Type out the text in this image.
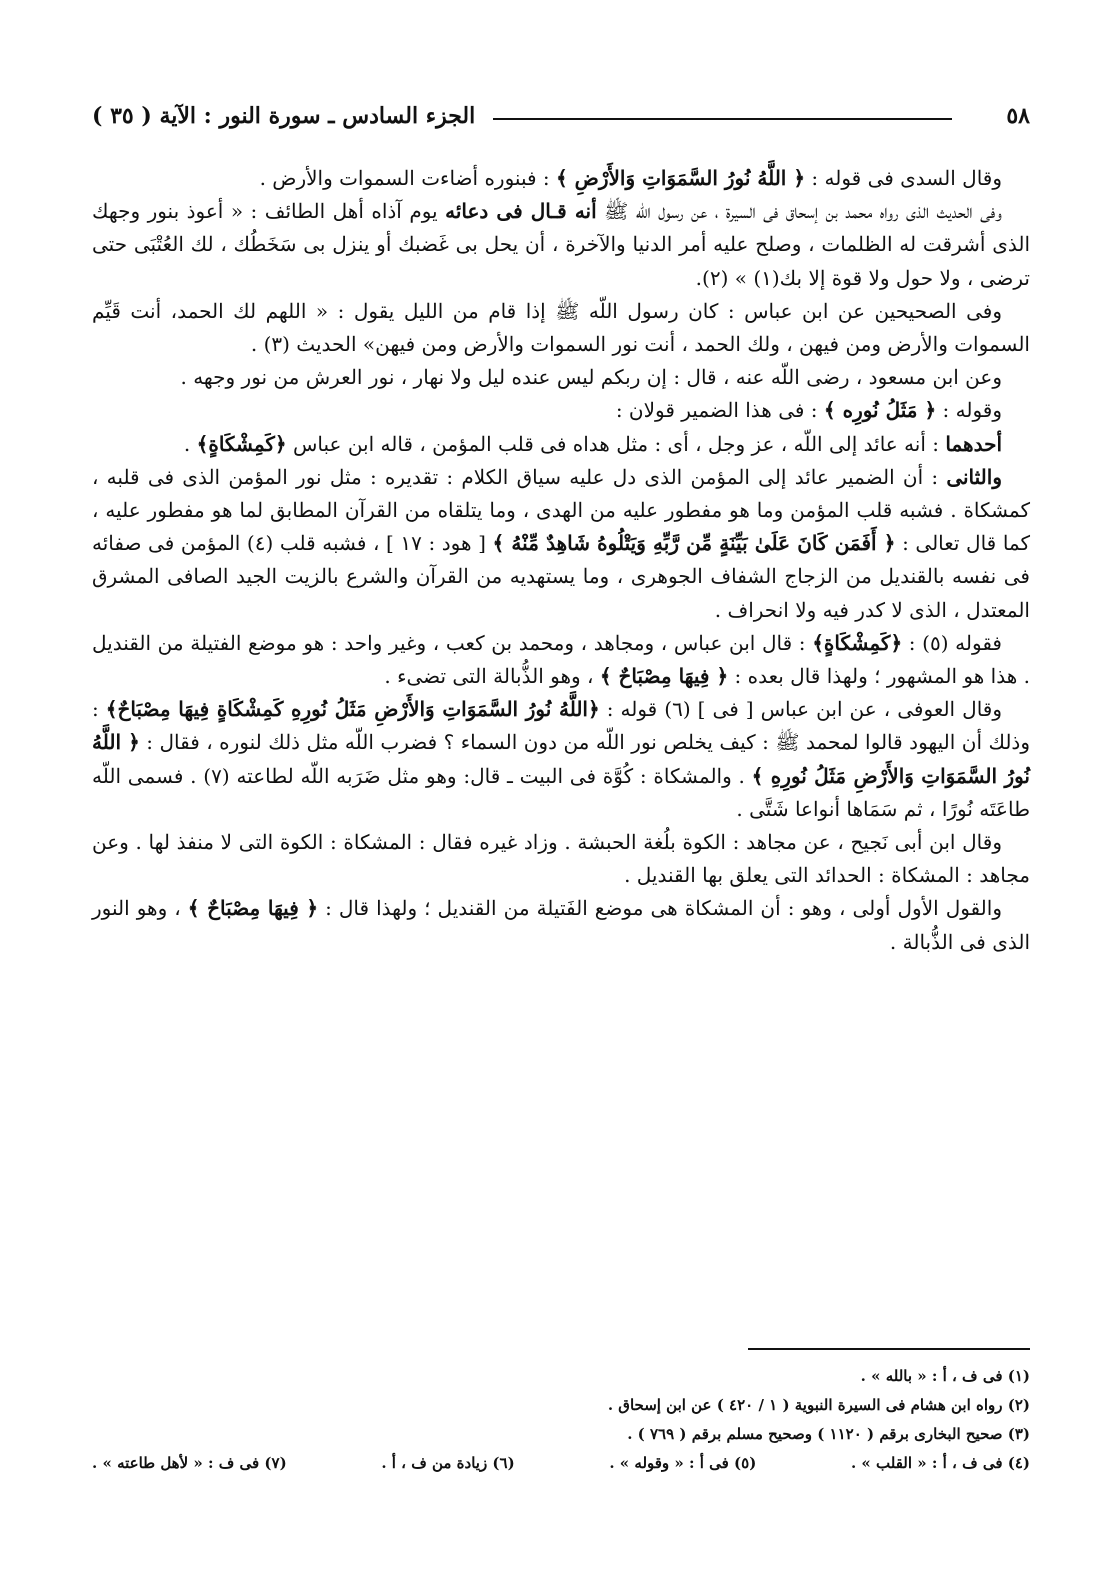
٥٨
الجزء السادس ـ سورة النور : الآية ( ٣٥ )

وقال السدى فى قوله : ﴿ اللَّهُ نُورُ السَّمَوَاتِ وَالأَرْضِ ﴾ : فبنوره أضاءت السموات والأرض .

وفى الحديث الذى رواه محمد بن إسحاق فى السيرة ، عن رسول اللّه ﷺ أنه قـال فى دعائه يوم آذاه أهل الطائف : « أعوذ بنور وجهك الذى أشرقت له الظلمات ، وصلح عليه أمر الدنيا والآخرة ، أن يحل بى غَضبك أو ينزل بى سَخَطُك ، لك العُتْبَى حتى ترضى ، ولا حول ولا قوة إلا بك(١) » (٢).

وفى الصحيحين عن ابن عباس : كان رسول اللّه ﷺ إذا قام من الليل يقول : « اللهم لك الحمد، أنت قَيِّم السموات والأرض ومن فيهن ، ولك الحمد ، أنت نور السموات والأرض ومن فيهن» الحديث (٣) .

وعن ابن مسعود ، رضى اللّه عنه ، قال : إن ربكم ليس عنده ليل ولا نهار ، نور العرش من نور وجهه .

وقوله : ﴿ مَثَلُ نُورِه ﴾ : فى هذا الضمير قولان :

أحدهما : أنه عائد إلى اللّه ، عز وجل ، أى : مثل هداه فى قلب المؤمن ، قاله ابن عباس ﴿كَمِشْكَاةٍ﴾ .

والثانى : أن الضمير عائد إلى المؤمن الذى دل عليه سياق الكلام : تقديره : مثل نور المؤمن الذى فى قلبه ، كمشكاة . فشبه قلب المؤمن وما هو مفطور عليه من الهدى ، وما يتلقاه من القرآن المطابق لما هو مفطور عليه ، كما قال تعالى : ﴿ أَفَمَن كَانَ عَلَىٰ بَيِّنَةٍ مِّن رَّبِّهِ وَيَتْلُوهُ شَاهِدٌ مِّنْهُ ﴾ [ هود : ١٧ ] ، فشبه قلب (٤) المؤمن فى صفائه فى نفسه بالقنديل من الزجاج الشفاف الجوهرى ، وما يستهديه من القرآن والشرع بالزيت الجيد الصافى المشرق المعتدل ، الذى لا كدر فيه ولا انحراف .

فقوله (٥) : ﴿كَمِشْكَاةٍ﴾ : قال ابن عباس ، ومجاهد ، ومحمد بن كعب ، وغير واحد : هو موضع الفتيلة من القنديل . هذا هو المشهور ؛ ولهذا قال بعده : ﴿ فِيهَا مِصْبَاحٌ ﴾ ، وهو الذُّبالة التى تضىء .

وقال العوفى ، عن ابن عباس [ فى ] (٦) قوله : ﴿اللَّهُ نُورُ السَّمَوَاتِ وَالأَرْضِ مَثَلُ نُورِهِ كَمِشْكَاةٍ فِيهَا مِصْبَاحٌ﴾ : وذلك أن اليهود قالوا لمحمد ﷺ : كيف يخلص نور اللّه من دون السماء ؟ فضرب اللّه مثل ذلك لنوره ، فقال : ﴿ اللَّهُ نُورُ السَّمَوَاتِ وَالأَرْضِ مَثَلُ نُورِهِ ﴾ . والمشكاة : كُوَّة فى البيت ـ قال: وهو مثل ضَرَبه اللّه لطاعته (٧) . فسمى اللّه طاعَتَه نُورًا ، ثم سَمَاها أنواعا شَتَّى .

وقال ابن أبى نَجيح ، عن مجاهد : الكوة بلُغة الحبشة . وزاد غيره فقال : المشكاة : الكوة التى لا منفذ لها . وعن مجاهد : المشكاة : الحدائد التى يعلق بها القنديل .

والقول الأول أولى ، وهو : أن المشكاة هى موضع الفَتيلة من القنديل ؛ ولهذا قال : ﴿ فِيهَا مِصْبَاحٌ ﴾ ، وهو النور الذى فى الذُّبالة .

(١) فى ف ، أ : « بالله » .

(٢) رواه ابن هشام فى السيرة النبوية ( ١ / ٤٢٠ ) عن ابن إسحاق .

(٣) صحيح البخارى برقم ( ١١٢٠ ) وصحيح مسلم برقم ( ٧٦٩ ) .

(٤) فى ف ، أ : « القلب » .
(٥) فى أ : « وقوله » .
(٦) زيادة من ف ، أ .
(٧) فى ف : « لأهل طاعته » .
